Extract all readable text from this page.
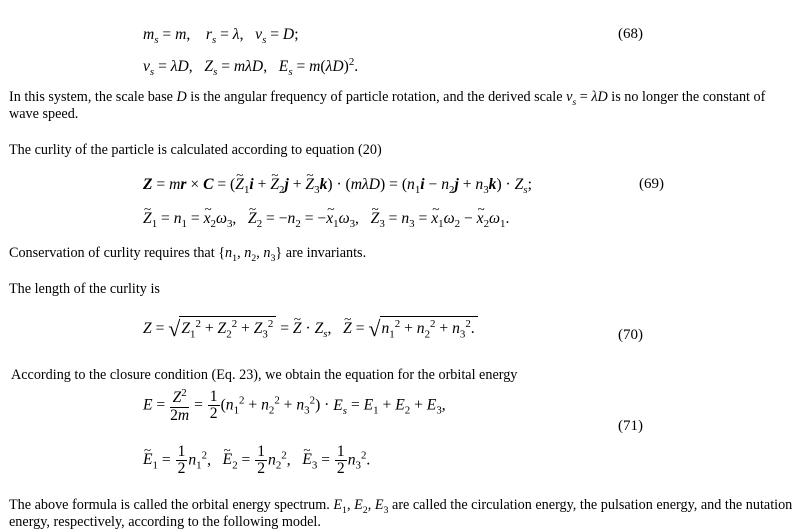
$m_s = m$,    $r_s = \lambda$,   $v_s = D$;	(68)
$v_s = \lambda D$,   $Z_s = m\lambda D$,   $E_s = m(\lambda D)^2$.
In this system, the scale base D is the angular frequency of particle rotation, and the derived scale $v_s = \lambda D$ is no longer the constant of
wave speed.
The curlity of the particle is calculated according to equation (20)
Z = mr × C = (~ $Z_1i$ + ~ $Z_2j$ + ~ $Z_3k) \cdot (m\lambda D) = (n_1i - n_2j + n_3k) \cdot Z_s$;	(69)
~ $Z_1 = n_1$ = ~ $x_2\omega_3$,   ~ $Z_2 = -n_2$ = −~ $x_1\omega_3$,   ~ $Z_3 = n_3$ = ~ $x_1\omega_2$ − ~ $x_2\omega_1$.
Conservation of curlity requires that {$n_1$, $n_2$, $n_3$} are invariants.
The length of the curlity is
$Z = √Z_1^2 + Z_2^2 + Z_3^2$ = ~ $Z \cdot Z_s$,   ~ $Z = √n_1^2 + n_2^2 + n_3^2$.	(70)
According to the closure condition (Eq. 23), we obtain the equation for the orbital energy
$E = \frac{Z^2}{2m} = \frac{1}{2} (n_1^2 + n_2^2 + n_3^2) \cdot E_s = E_1 + E_2 + E_3$,
(71)
~ $E_1 = \frac{1}{2} n_1^2$,   ~ $E_2 = \frac{1}{2} n_2^2$,   ~ $E_3 = \frac{1}{2} n_3^2$.
The above formula is called the orbital energy spectrum. $E_1$, $E_2$, $E_3$ are called the circulation energy, the pulsation energy, and the nutation
energy, respectively, according to the following model.
